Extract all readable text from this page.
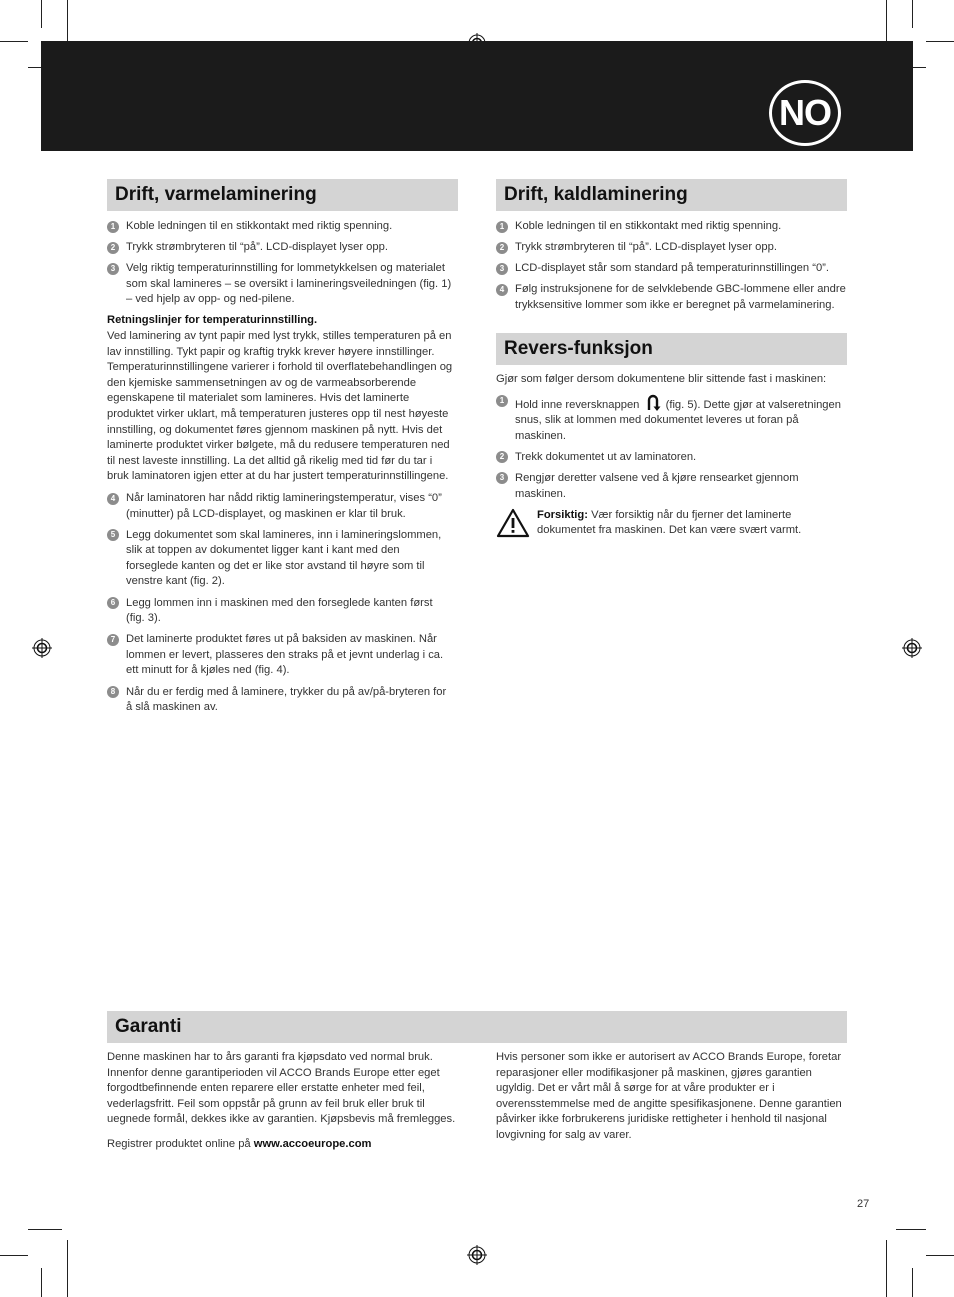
NO
Drift, varmelaminering
1 Koble ledningen til en stikkontakt med riktig spenning.
2 Trykk strømbryteren til “på”. LCD-displayet lyser opp.
3 Velg riktig temperaturinnstilling for lommetykkelsen og materialet som skal lamineres – se oversikt i lamineringsveiledningen (fig. 1) – ved hjelp av opp- og ned-pilene.
Retningslinjer for temperaturinnstilling.
Ved laminering av tynt papir med lyst trykk, stilles temperaturen på en lav innstilling. Tykt papir og kraftig trykk krever høyere innstillinger. Temperaturinnstillingene varierer i forhold til overflatebehandlingen og den kjemiske sammensetningen av og de varmeabsorberende egenskapene til materialet som lamineres. Hvis det laminerte produktet virker uklart, må temperaturen justeres opp til nest høyeste innstilling, og dokumentet føres gjennom maskinen på nytt. Hvis det laminerte produktet virker bølgete, må du redusere temperaturen ned til nest laveste innstilling. La det alltid gå rikelig med tid før du tar i bruk laminatoren igjen etter at du har justert temperaturinnstillingene.
4 Når laminatoren har nådd riktig lamineringstemperatur, vises “0” (minutter) på LCD-displayet, og maskinen er klar til bruk.
5 Legg dokumentet som skal lamineres, inn i lamineringslommen, slik at toppen av dokumentet ligger kant i kant med den forseglede kanten og det er like stor avstand til høyre som til venstre kant (fig. 2).
6 Legg lommen inn i maskinen med den forseglede kanten først (fig. 3).
7 Det laminerte produktet føres ut på baksiden av maskinen. Når lommen er levert, plasseres den straks på et jevnt underlag i ca. ett minutt for å kjøles ned (fig. 4).
8 Når du er ferdig med å laminere, trykker du på av/på-bryteren for å slå maskinen av.
Drift, kaldlaminering
1 Koble ledningen til en stikkontakt med riktig spenning.
2 Trykk strømbryteren til “på”. LCD-displayet lyser opp.
3 LCD-displayet står som standard på temperaturinnstillingen “0”.
4 Følg instruksjonene for de selvklebende GBC-lommene eller andre trykksensitive lommer som ikke er beregnet på varmelaminering.
Revers-funksjon
Gjør som følger dersom dokumentene blir sittende fast i maskinen:
1 Hold inne reversknappen (fig. 5). Dette gjør at valseretningen snus, slik at lommen med dokumentet leveres ut foran på maskinen.
2 Trekk dokumentet ut av laminatoren.
3 Rengjør deretter valsene ved å kjøre rensearket gjennom maskinen.
Forsiktig: Vær forsiktig når du fjerner det laminerte dokumentet fra maskinen. Det kan være svært varmt.
Garanti

Denne maskinen har to års garanti fra kjøpsdato ved normal bruk. Innenfor denne garantiperioden vil ACCO Brands Europe etter eget forgodtbefinnende enten reparere eller erstatte enheter med feil, vederlagsfritt. Feil som oppstår på grunn av feil bruk eller bruk til uegnede formål, dekkes ikke av garantien. Kjøpsbevis må fremlegges.

Registrer produktet online på www.accoeurope.com

Hvis personer som ikke er autorisert av ACCO Brands Europe, foretar reparasjoner eller modifikasjoner på maskinen, gjøres garantien ugyldig. Det er vårt mål å sørge for at våre produkter er i overensstemmelse med de angitte spesifikasjonene. Denne garantien påvirker ikke forbrukerens juridiske rettigheter i henhold til nasjonal lovgivning for salg av varer.

27
